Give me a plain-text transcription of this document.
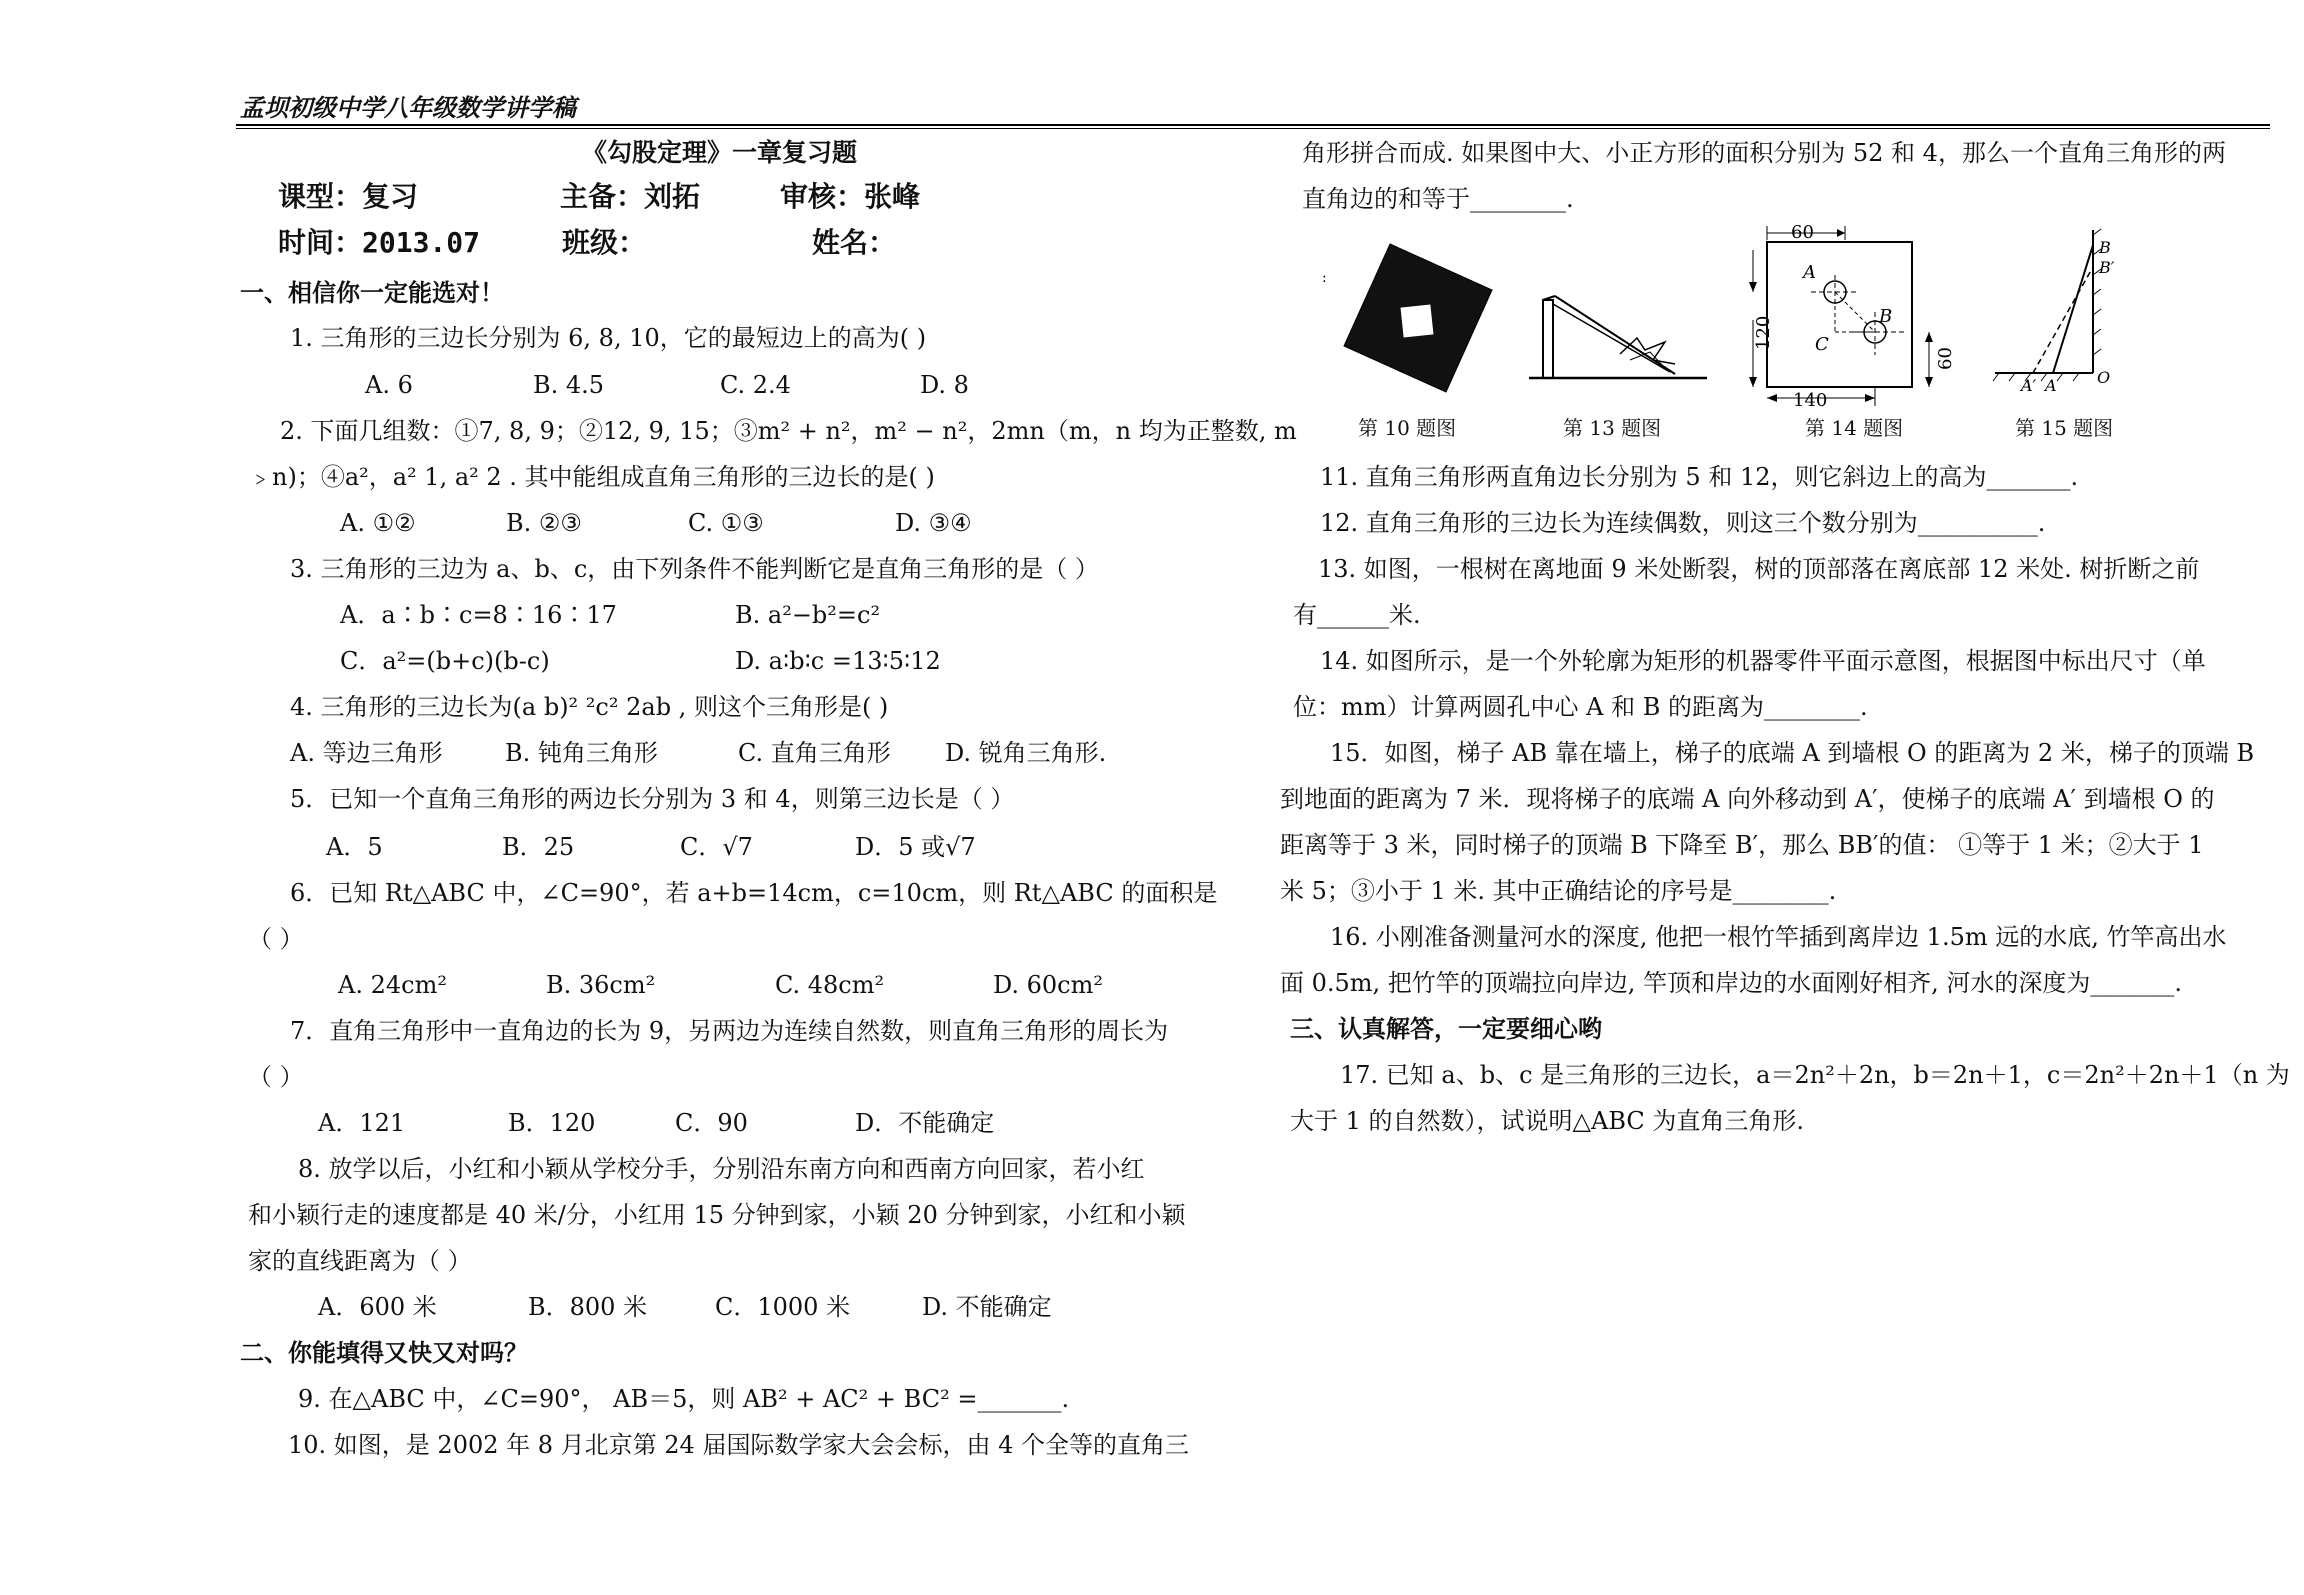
孟坝初级中学八年级数学讲学稿
《勾股定理》一章复习题
课型：复习	主备：刘拓	审核：张峰
时间：2013.07	班级：	姓名：
一、相信你一定能选对！
1. 三角形的三边长分别为 6, 8, 10，它的最短边上的高为( )
A. 6	B. 4.5	C. 2.4	D. 8
2. 下面几组数：①7, 8, 9；②12, 9, 15；③m² + n²，m² − n²，2mn（m，n 均为正整数, m
﹥n)；④a²，a² 1, a² 2 . 其中能组成直角三角形的三边长的是( )
A. ①②	B. ②③	C. ①③	D. ③④
3. 三角形的三边为 a、b、c，由下列条件不能判断它是直角三角形的是（ ）
A．a∶b∶c=8∶16∶17	B. a²−b²=c²
C．a²=(b+c)(b-c)	D. a∶b∶c =13∶5∶12
4. 三角形的三边长为(a b)² ²c² 2ab , 则这个三角形是( )
A. 等边三角形	B. 钝角三角形	C. 直角三角形 D. 锐角三角形.
5．已知一个直角三角形的两边长分别为 3 和 4，则第三边长是（ ）
A．5	B．25	C．√7	D．5 或√7
6．已知 Rt△ABC 中，∠C=90°，若 a+b=14cm，c=10cm，则 Rt△ABC 的面积是
（ ）
A. 24cm²	B. 36cm²	C. 48cm²	D. 60cm²
7．直角三角形中一直角边的长为 9，另两边为连续自然数，则直角三角形的周长为
（ ）
A．121	B．120	C．90	D．不能确定
8. 放学以后，小红和小颖从学校分手，分别沿东南方向和西南方向回家，若小红
和小颖行走的速度都是 40 米/分，小红用 15 分钟到家，小颖 20 分钟到家，小红和小颖
家的直线距离为（ ）
A．600 米	B．800 米	C．1000 米	D. 不能确定
二、你能填得又快又对吗？
9. 在△ABC 中，∠C=90°， AB＝5，则 AB² + AC² + BC² =_______.
10. 如图，是 2002 年 8 月北京第 24 届国际数学家大会会标，由 4 个全等的直角三
角形拼合而成. 如果图中大、小正方形的面积分别为 52 和 4，那么一个直角三角形的两
直角边的和等于________.
:
第 10 题图	第 13 题图
60
120
A
B
C
60
140
第 14 题图
B
B′
A′ A	O
第 15 题图
11. 直角三角形两直角边长分别为 5 和 12，则它斜边上的高为_______.
12. 直角三角形的三边长为连续偶数，则这三个数分别为__________.
13. 如图，一根树在离地面 9 米处断裂，树的顶部落在离底部 12 米处. 树折断之前
有______米.
14. 如图所示，是一个外轮廓为矩形的机器零件平面示意图，根据图中标出尺寸（单
位：mm）计算两圆孔中心 A 和 B 的距离为________.
15．如图，梯子 AB 靠在墙上，梯子的底端 A 到墙根 O 的距离为 2 米，梯子的顶端 B
到地面的距离为 7 米．现将梯子的底端 A 向外移动到 A′，使梯子的底端 A′ 到墙根 O 的
距离等于 3 米，同时梯子的顶端 B 下降至 B′，那么 BB′的值： ①等于 1 米；②大于 1
米 5；③小于 1 米. 其中正确结论的序号是________.
16. 小刚准备测量河水的深度, 他把一根竹竿插到离岸边 1.5m 远的水底, 竹竿高出水
面 0.5m, 把竹竿的顶端拉向岸边, 竿顶和岸边的水面刚好相齐, 河水的深度为_______.
三、认真解答，一定要细心哟
17. 已知 a、b、c 是三角形的三边长，a＝2n²＋2n，b＝2n＋1，c＝2n²＋2n＋1（n 为
大于 1 的自然数），试说明△ABC 为直角三角形.
